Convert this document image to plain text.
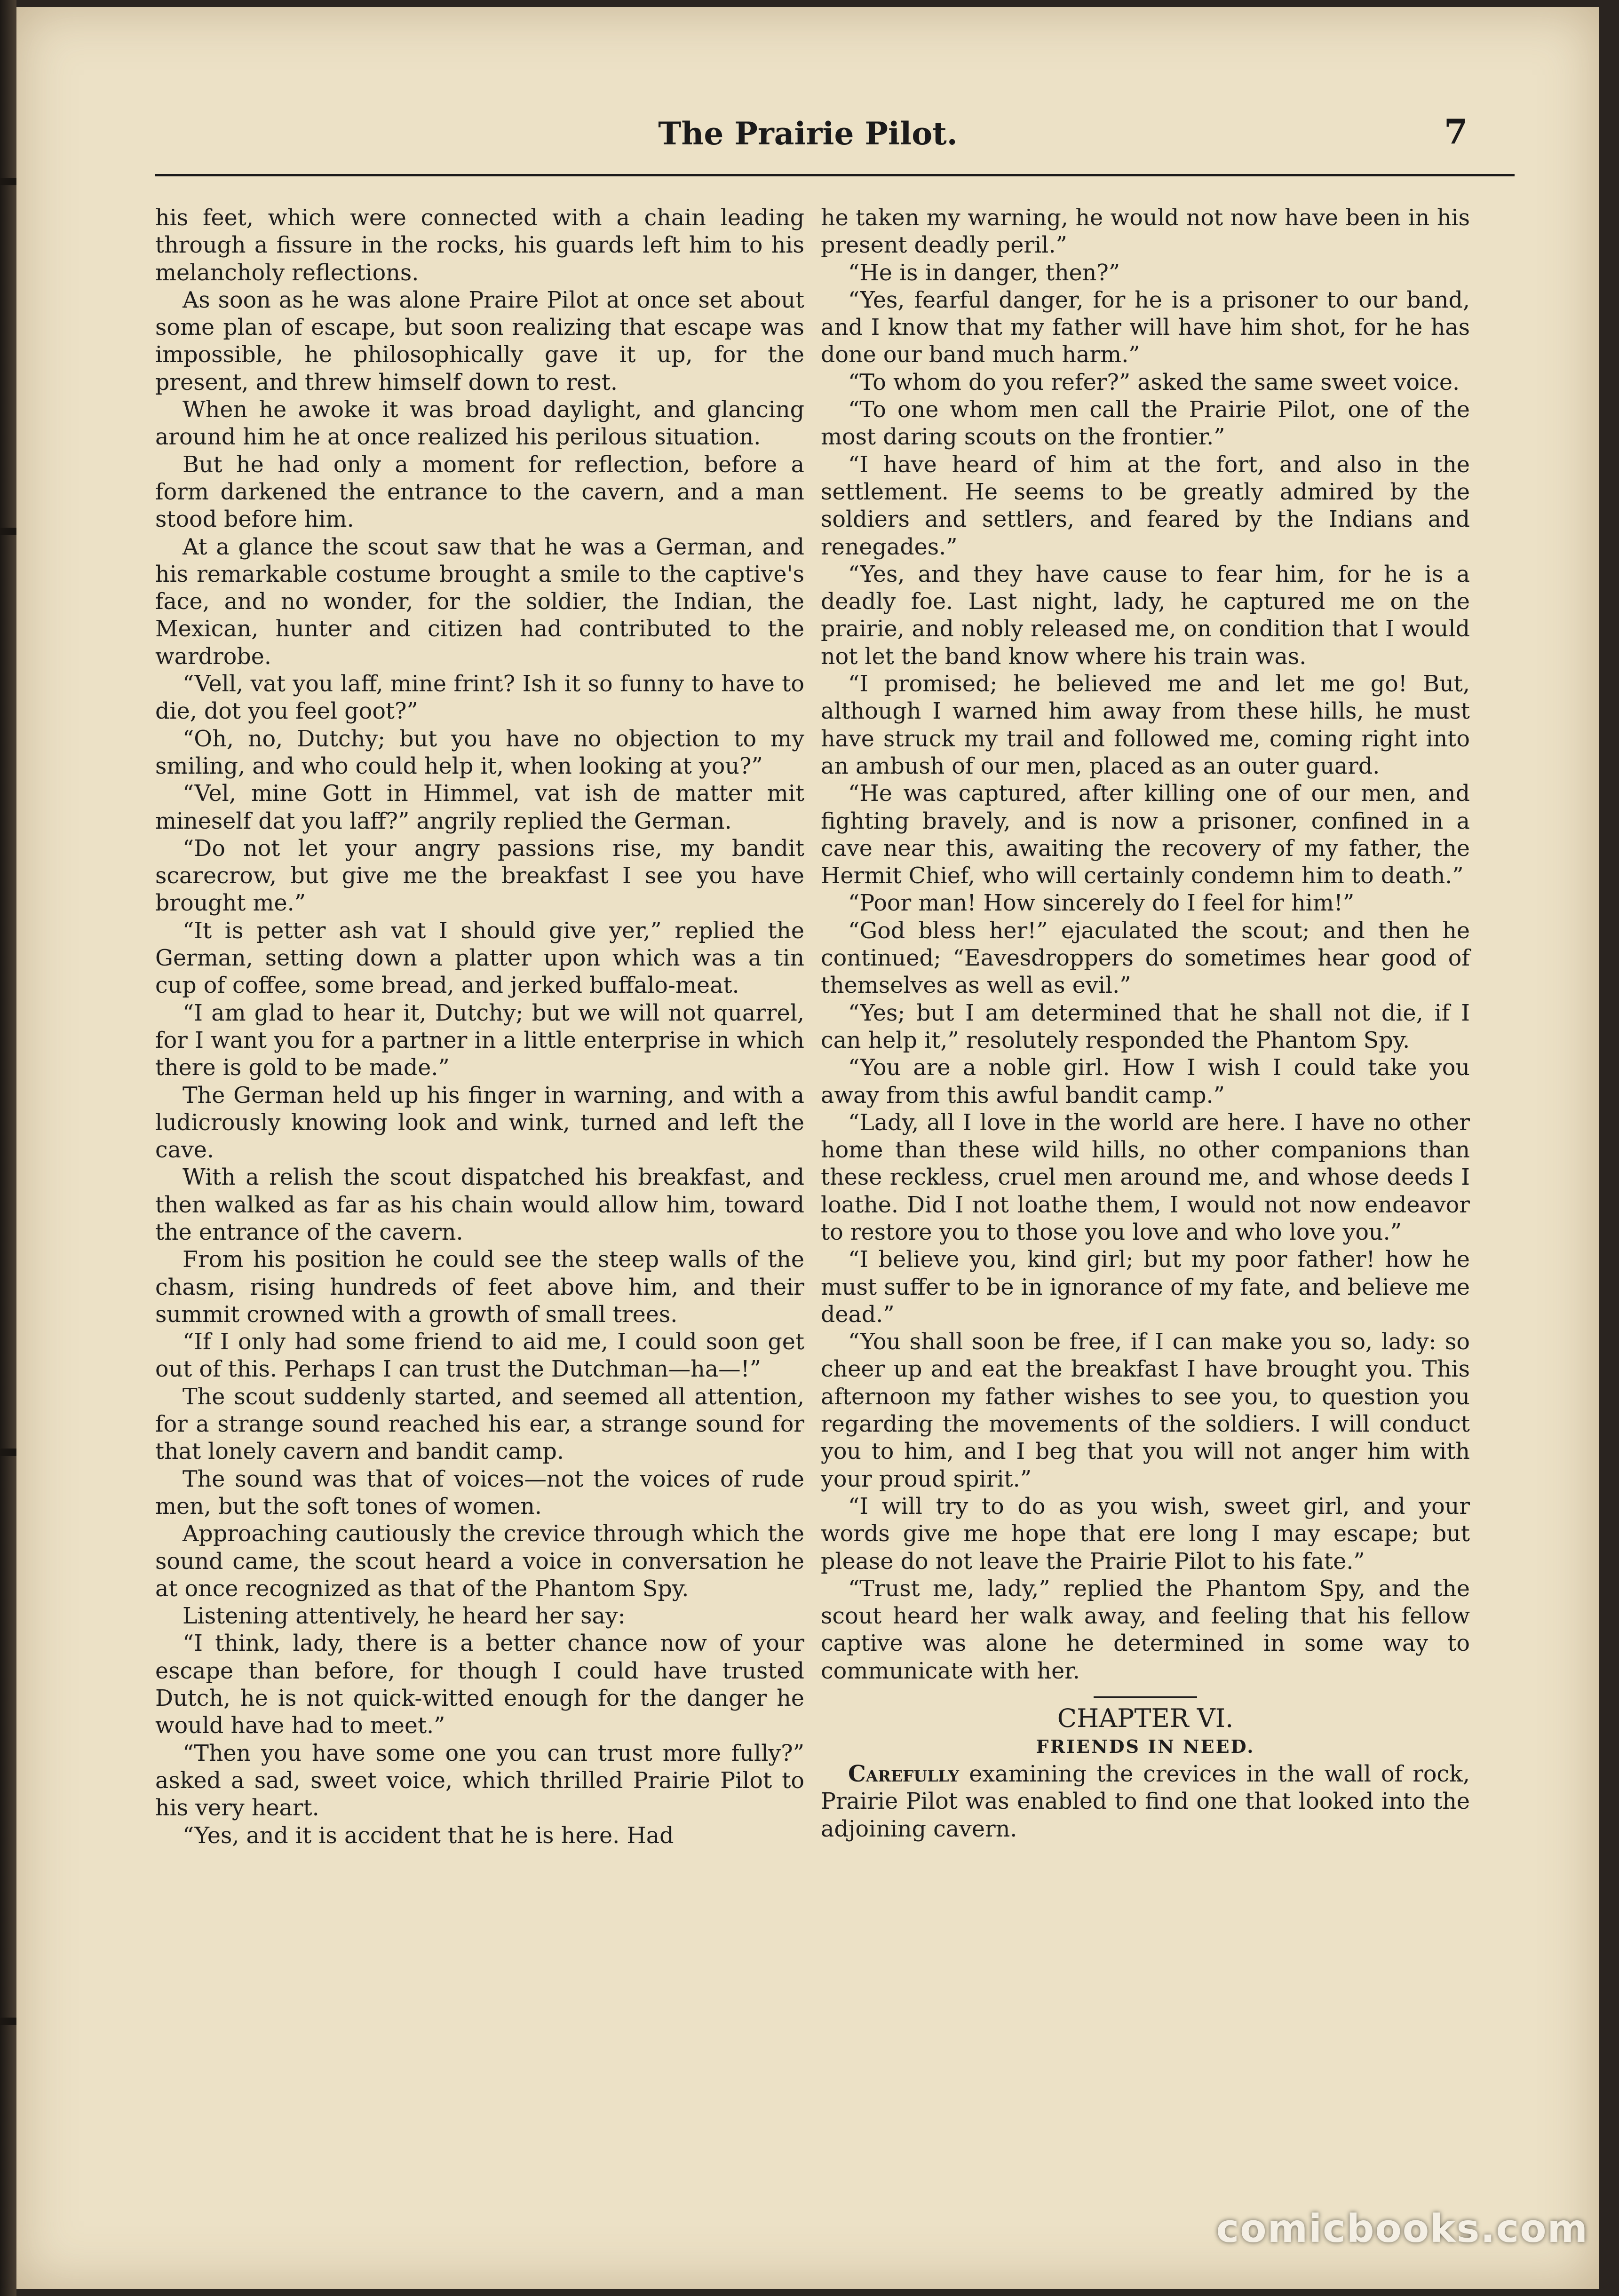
The Prairie Pilot.	7

his feet, which were connected with a chain leading through a fissure in the rocks, his guards left him to his melancholy reflections.

As soon as he was alone Praire Pilot at once set about some plan of escape, but soon realizing that escape was impossible, he philosophically gave it up, for the present, and threw himself down to rest.

When he awoke it was broad daylight, and glancing around him he at once realized his perilous situation.

But he had only a moment for reflection, before a form darkened the entrance to the cavern, and a man stood before him.

At a glance the scout saw that he was a German, and his remarkable costume brought a smile to the captive's face, and no wonder, for the soldier, the Indian, the Mexican, hunter and citizen had contributed to the wardrobe.

“Vell, vat you laff, mine frint? Ish it so funny to have to die, dot you feel goot?”

“Oh, no, Dutchy; but you have no objection to my smiling, and who could help it, when looking at you?”

“Vel, mine Gott in Himmel, vat ish de matter mit mineself dat you laff?” angrily replied the German.

“Do not let your angry passions rise, my bandit scarecrow, but give me the breakfast I see you have brought me.”

“It is petter ash vat I should give yer,” replied the German, setting down a platter upon which was a tin cup of coffee, some bread, and jerked buffalo-meat.

“I am glad to hear it, Dutchy; but we will not quarrel, for I want you for a partner in a little enterprise in which there is gold to be made.”

The German held up his finger in warning, and with a ludicrously knowing look and wink, turned and left the cave.

With a relish the scout dispatched his breakfast, and then walked as far as his chain would allow him, toward the entrance of the cavern.

From his position he could see the steep walls of the chasm, rising hundreds of feet above him, and their summit crowned with a growth of small trees.

“If I only had some friend to aid me, I could soon get out of this. Perhaps I can trust the Dutchman—ha—!”

The scout suddenly started, and seemed all attention, for a strange sound reached his ear, a strange sound for that lonely cavern and bandit camp.

The sound was that of voices—not the voices of rude men, but the soft tones of women.

Approaching cautiously the crevice through which the sound came, the scout heard a voice in conversation he at once recognized as that of the Phantom Spy.

Listening attentively, he heard her say:

“I think, lady, there is a better chance now of your escape than before, for though I could have trusted Dutch, he is not quick-witted enough for the danger he would have had to meet.”

“Then you have some one you can trust more fully?” asked a sad, sweet voice, which thrilled Prairie Pilot to his very heart.

“Yes, and it is accident that he is here. Had

he taken my warning, he would not now have been in his present deadly peril.”

“He is in danger, then?”

“Yes, fearful danger, for he is a prisoner to our band, and I know that my father will have him shot, for he has done our band much harm.”

“To whom do you refer?” asked the same sweet voice.

“To one whom men call the Prairie Pilot, one of the most daring scouts on the frontier.”

“I have heard of him at the fort, and also in the settlement. He seems to be greatly admired by the soldiers and settlers, and feared by the Indians and renegades.”

“Yes, and they have cause to fear him, for he is a deadly foe. Last night, lady, he captured me on the prairie, and nobly released me, on condition that I would not let the band know where his train was.

“I promised; he believed me and let me go! But, although I warned him away from these hills, he must have struck my trail and followed me, coming right into an ambush of our men, placed as an outer guard.

“He was captured, after killing one of our men, and fighting bravely, and is now a prisoner, confined in a cave near this, awaiting the recovery of my father, the Hermit Chief, who will certainly condemn him to death.”

“Poor man! How sincerely do I feel for him!”

“God bless her!” ejaculated the scout; and then he continued; “Eavesdroppers do sometimes hear good of themselves as well as evil.”

“Yes; but I am determined that he shall not die, if I can help it,” resolutely responded the Phantom Spy.

“You are a noble girl. How I wish I could take you away from this awful bandit camp.”

“Lady, all I love in the world are here. I have no other home than these wild hills, no other companions than these reckless, cruel men around me, and whose deeds I loathe. Did I not loathe them, I would not now endeavor to restore you to those you love and who love you.”

“I believe you, kind girl; but my poor father! how he must suffer to be in ignorance of my fate, and believe me dead.”

“You shall soon be free, if I can make you so, lady: so cheer up and eat the breakfast I have brought you. This afternoon my father wishes to see you, to question you regarding the movements of the soldiers. I will conduct you to him, and I beg that you will not anger him with your proud spirit.”

“I will try to do as you wish, sweet girl, and your words give me hope that ere long I may escape; but please do not leave the Prairie Pilot to his fate.”

“Trust me, lady,” replied the Phantom Spy, and the scout heard her walk away, and feeling that his fellow captive was alone he determined in some way to communicate with her.

CHAPTER VI.

FRIENDS IN NEED.

Carefully examining the crevices in the wall of rock, Prairie Pilot was enabled to find one that looked into the adjoining cavern.

comicbooks.com
